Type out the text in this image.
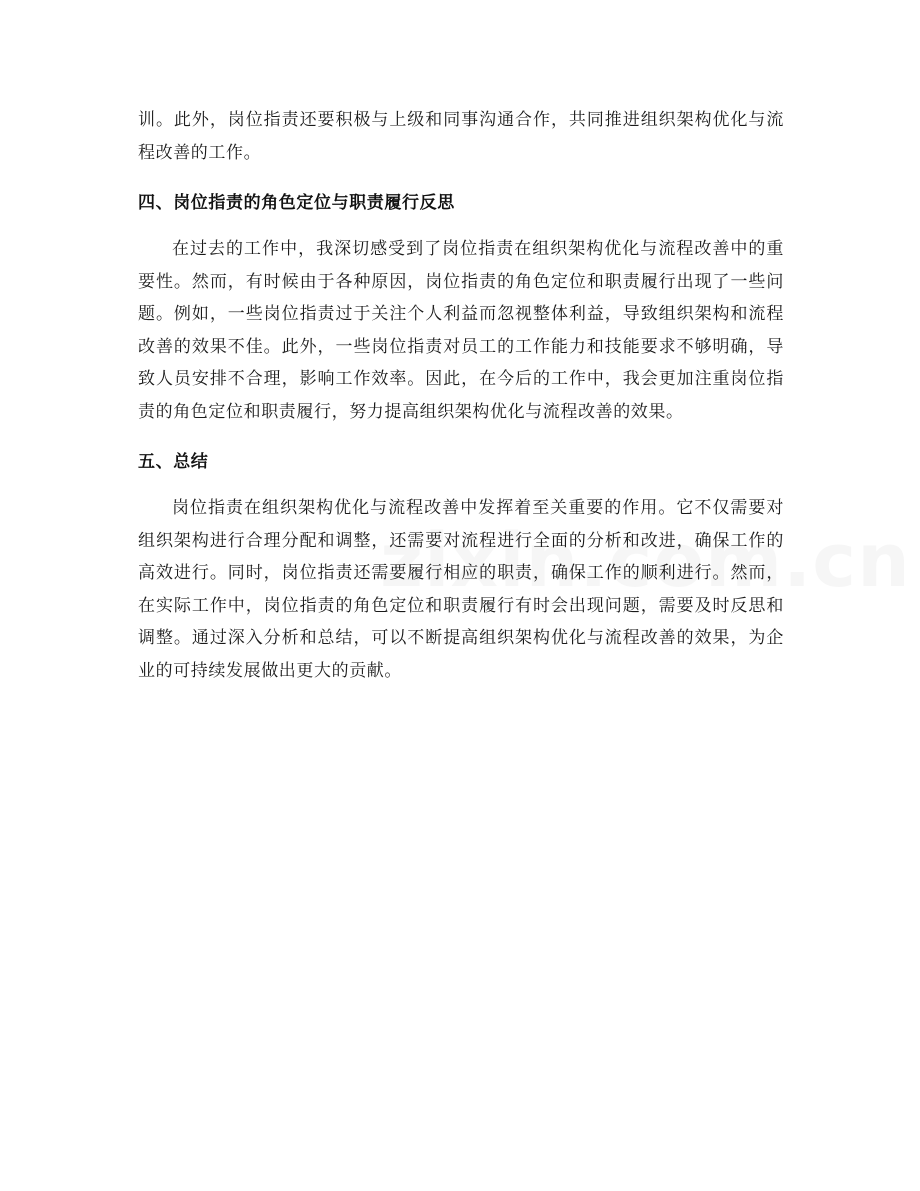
训。此外，岗位指责还要积极与上级和同事沟通合作，共同推进组织架构优化与流程改善的工作。

四、岗位指责的角色定位与职责履行反思

在过去的工作中，我深切感受到了岗位指责在组织架构优化与流程改善中的重要性。然而，有时候由于各种原因，岗位指责的角色定位和职责履行出现了一些问题。例如，一些岗位指责过于关注个人利益而忽视整体利益，导致组织架构和流程改善的效果不佳。此外，一些岗位指责对员工的工作能力和技能要求不够明确，导致人员安排不合理，影响工作效率。因此，在今后的工作中，我会更加注重岗位指责的角色定位和职责履行，努力提高组织架构优化与流程改善的效果。

五、总结

岗位指责在组织架构优化与流程改善中发挥着至关重要的作用。它不仅需要对组织架构进行合理分配和调整，还需要对流程进行全面的分析和改进，确保工作的高效进行。同时，岗位指责还需要履行相应的职责，确保工作的顺利进行。然而，在实际工作中，岗位指责的角色定位和职责履行有时会出现问题，需要及时反思和调整。通过深入分析和总结，可以不断提高组织架构优化与流程改善的效果，为企业的可持续发展做出更大的贡献。
